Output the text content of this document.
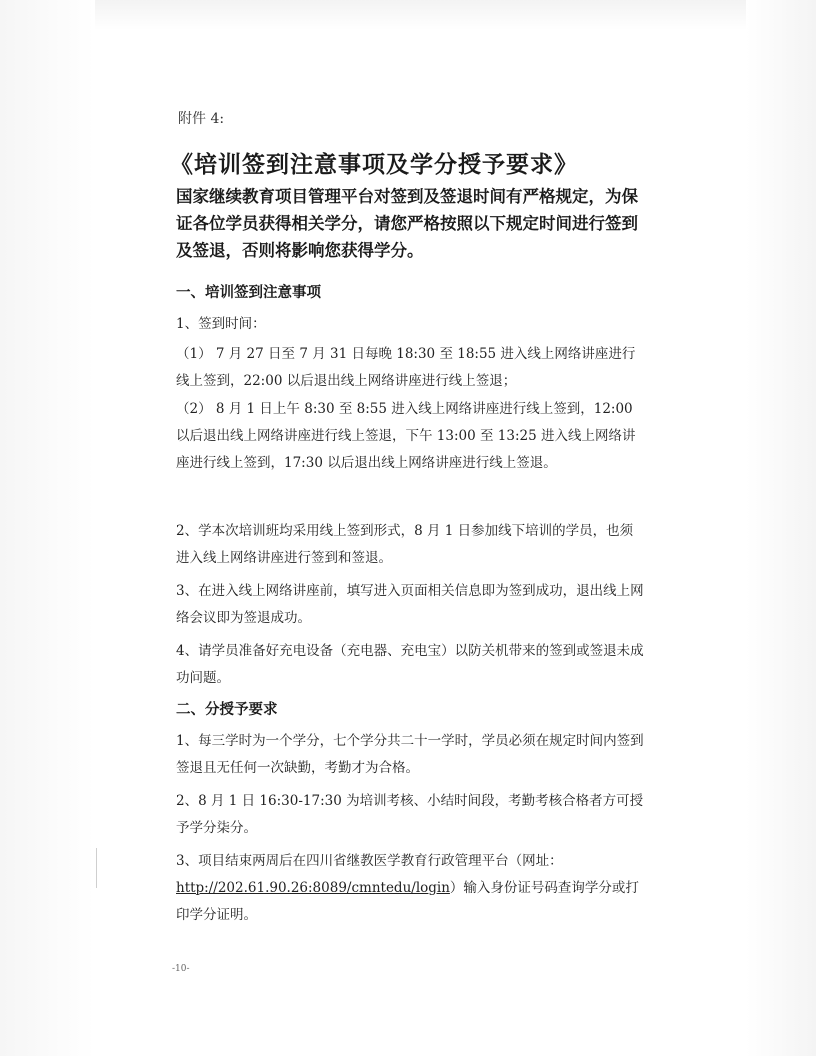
附件 4:
《培训签到注意事项及学分授予要求》
国家继续教育项目管理平台对签到及签退时间有严格规定，为保证各位学员获得相关学分，请您严格按照以下规定时间进行签到及签退，否则将影响您获得学分。
一、培训签到注意事项
1、签到时间：
（1） 7 月 27 日至 7 月 31 日每晚 18:30 至 18:55 进入线上网络讲座进行线上签到，22:00 以后退出线上网络讲座进行线上签退；
（2） 8 月 1 日上午 8:30 至 8:55 进入线上网络讲座进行线上签到，12:00 以后退出线上网络讲座进行线上签退，下午 13:00 至 13:25 进入线上网络讲座进行线上签到，17:30 以后退出线上网络讲座进行线上签退。
2、学本次培训班均采用线上签到形式，8 月 1 日参加线下培训的学员，也须进入线上网络讲座进行签到和签退。
3、在进入线上网络讲座前，填写进入页面相关信息即为签到成功，退出线上网络会议即为签退成功。
4、请学员准备好充电设备（充电器、充电宝）以防关机带来的签到或签退未成功问题。
二、分授予要求
1、每三学时为一个学分，七个学分共二十一学时，学员必须在规定时间内签到签退且无任何一次缺勤，考勤才为合格。
2、8 月 1 日 16:30-17:30 为培训考核、小结时间段，考勤考核合格者方可授予学分柒分。
3、项目结束两周后在四川省继教医学教育行政管理平台（网址： http://202.61.90.26:8089/cmntedu/login）输入身份证号码查询学分或打印学分证明。
-10-
